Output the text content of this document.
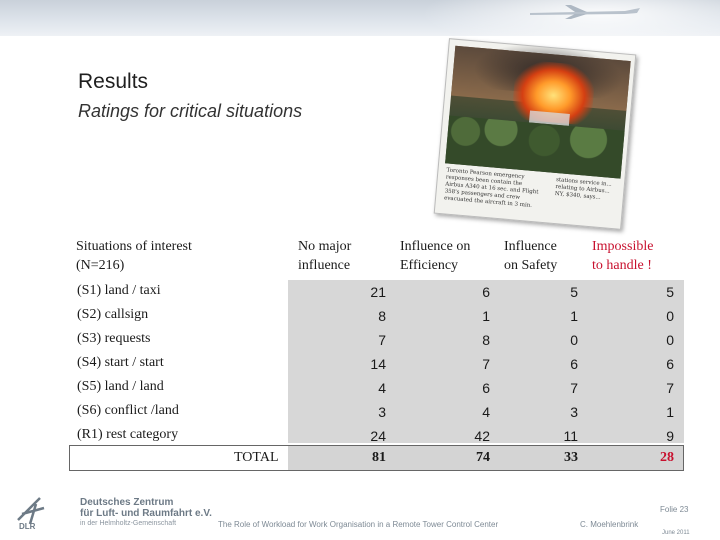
Results
Ratings for critical situations
Toronto Pearson emergency responses been contain the Airbus A340 at 16 sec. and Flight 358's passengers and crew evacuated the aircraft in 3 min.
stations service in... relating to Airbus... NY, $340, says...
Situations of interest
(N=216)
No major
influence
Influence on
Efficiency
Influence
on Safety
Impossible
to handle !
(S1) land / taxi	21	6	5	5
(S2) callsign	8	1	1	0
(S3) requests	7	8	0	0
(S4) start / start	14	7	6	6
(S5) land / land	4	6	7	7
(S6) conflict /land	3	4	3	1
(R1) rest category	24	42	11	9
TOTAL	81	74	33	28
DLR
Deutsches Zentrum
für Luft- und Raumfahrt e.V.
in der Helmholtz-Gemeinschaft	The Role of Workload for Work Organisation in a Remote Tower Control Center	C. Moehlenbrink
Folie 23
June 2011
